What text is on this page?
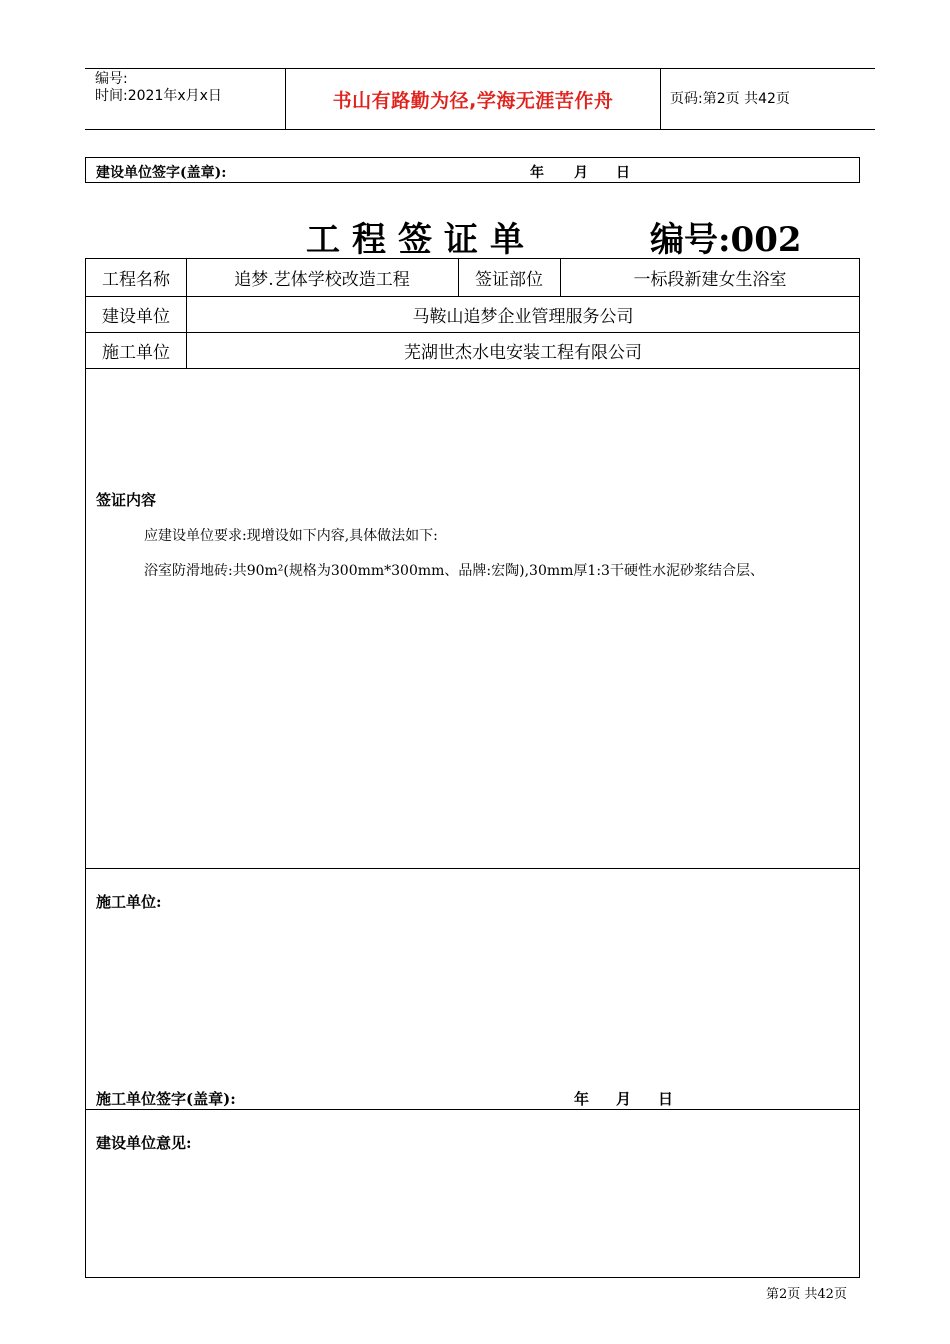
编号:
时间:2021年x月x日	书山有路勤为径,学海无涯苦作舟	页码:第2页 共42页
建设单位签字(盖章):	年 月 日
工程签证单	编号:002
工程名称	追梦.艺体学校改造工程	签证部位	一标段新建女生浴室
建设单位	马鞍山追梦企业管理服务公司
施工单位	芜湖世杰水电安装工程有限公司
签证内容
应建设单位要求:现增设如下内容,具体做法如下:
浴室防滑地砖:共90m²(规格为300mm*300mm、品牌:宏陶),30mm厚1:3干硬性水泥砂浆结合层、
施工单位:
施工单位签字(盖章):	年 月 日
建设单位意见:
第2页 共42页
